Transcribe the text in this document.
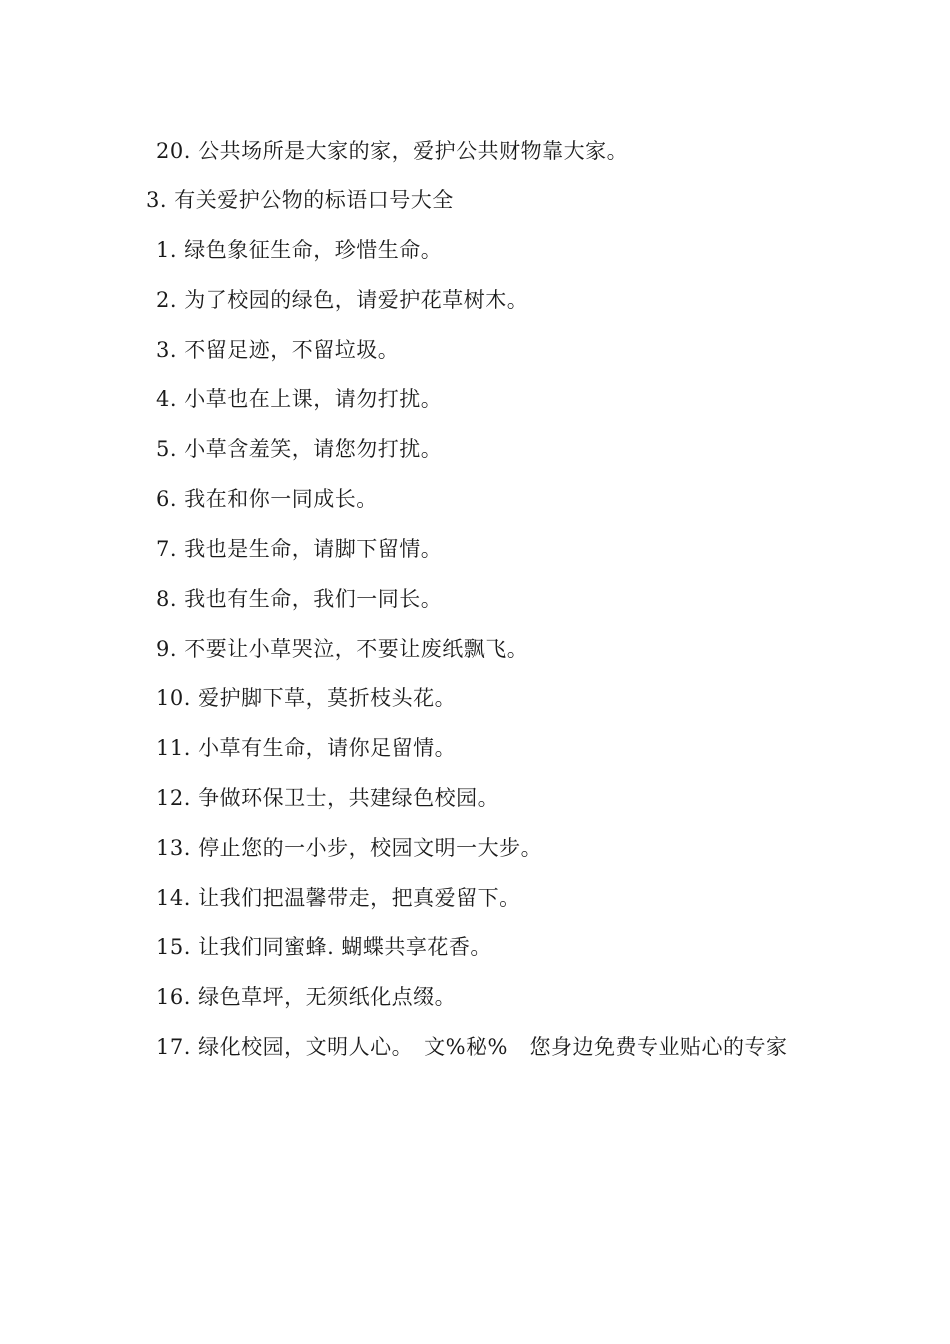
20. 公共场所是大家的家，爱护公共财物靠大家。
3. 有关爱护公物的标语口号大全
1. 绿色象征生命，珍惜生命。
2. 为了校园的绿色，请爱护花草树木。
3. 不留足迹，不留垃圾。
4. 小草也在上课，请勿打扰。
5. 小草含羞笑，请您勿打扰。
6. 我在和你一同成长。
7. 我也是生命，请脚下留情。
8. 我也有生命，我们一同长。
9. 不要让小草哭泣，不要让废纸飘飞。
10. 爱护脚下草，莫折枝头花。
11. 小草有生命，请你足留情。
12. 争做环保卫士，共建绿色校园。
13. 停止您的一小步，校园文明一大步。
14. 让我们把温馨带走，把真爱留下。
15. 让我们同蜜蜂. 蝴蝶共享花香。
16. 绿色草坪，无须纸化点缀。
17. 绿化校园，文明人心。　文%秘%　您身边免费专业贴心的专家
